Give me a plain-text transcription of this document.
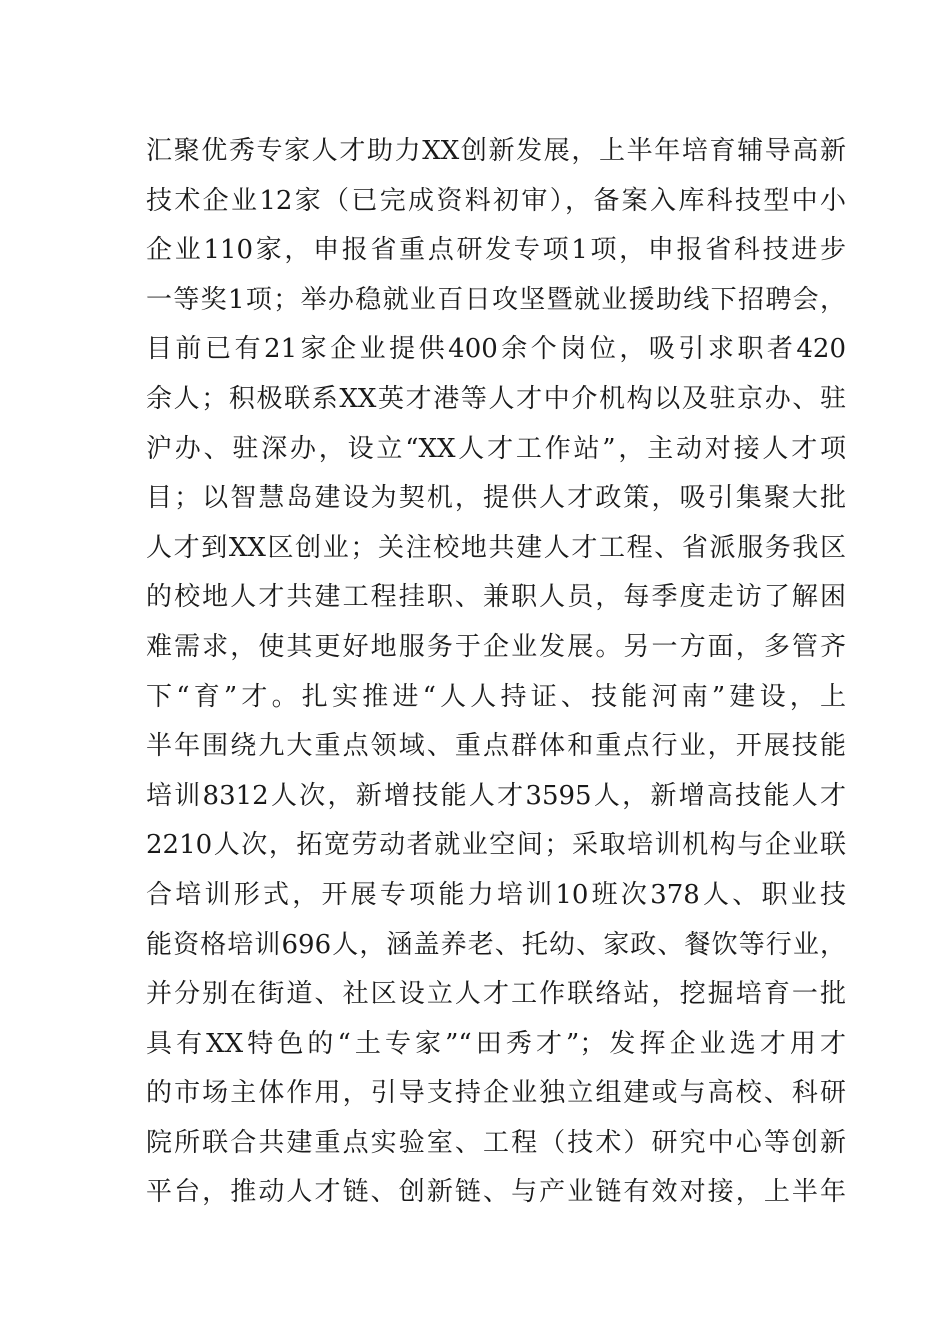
汇聚优秀专家人才助力XX创新发展，上半年培育辅导高新
技术企业12家（已完成资料初审），备案入库科技型中小
企业110家，申报省重点研发专项1项，申报省科技进步
一等奖1项；举办稳就业百日攻坚暨就业援助线下招聘会，
目前已有21家企业提供400余个岗位，吸引求职者420
余人；积极联系XX英才港等人才中介机构以及驻京办、驻
沪办、驻深办，设立“XX人才工作站”，主动对接人才项
目；以智慧岛建设为契机，提供人才政策，吸引集聚大批
人才到XX区创业；关注校地共建人才工程、省派服务我区
的校地人才共建工程挂职、兼职人员，每季度走访了解困
难需求，使其更好地服务于企业发展。另一方面，多管齐
下“育”才。扎实推进“人人持证、技能河南”建设，上
半年围绕九大重点领域、重点群体和重点行业，开展技能
培训8312人次，新增技能人才3595人，新增高技能人才
2210人次，拓宽劳动者就业空间；采取培训机构与企业联
合培训形式，开展专项能力培训10班次378人、职业技
能资格培训696人，涵盖养老、托幼、家政、餐饮等行业，
并分别在街道、社区设立人才工作联络站，挖掘培育一批
具有XX特色的“土专家”“田秀才”；发挥企业选才用才
的市场主体作用，引导支持企业独立组建或与高校、科研
院所联合共建重点实验室、工程（技术）研究中心等创新
平台，推动人才链、创新链、与产业链有效对接，上半年
